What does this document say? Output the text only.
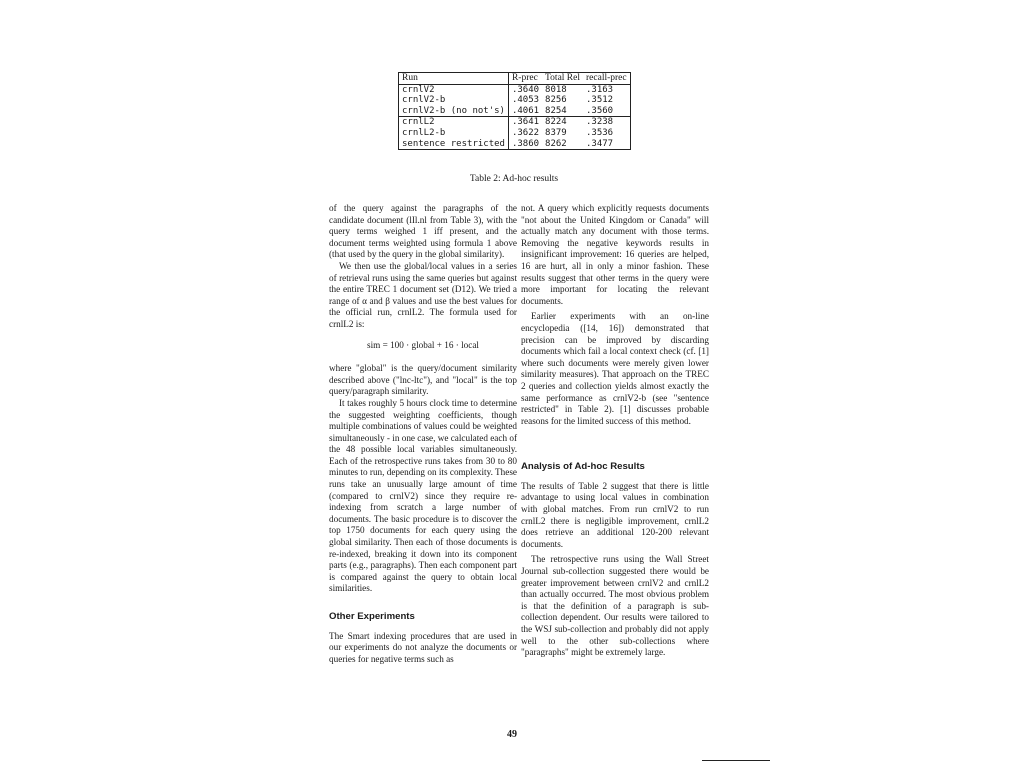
Run	R-prec	Total Rel	recall-prec
crnlV2	.3640	8018	.3163
crnlV2-b	.4053	8256	.3512
crnlV2-b (no not's)	.4061	8254	.3560
crnlL2	.3641	8224	.3238
crnlL2-b	.3622	8379	.3536
sentence restricted	.3860	8262	.3477
Table 2: Ad-hoc results

of the query against the paragraphs of the candidate document (lIl.nl from Table 3), with the query terms weighed 1 iff present, and the document terms weighted using formula 1 above (that used by the query in the global similarity).

We then use the global/local values in a series of retrieval runs using the same queries but against the entire TREC 1 document set (D12). We tried a range of α and β values and use the best values for the official run, crnlL2. The formula used for crnlL2 is:

sim = 100 · global + 16 · local

where "global" is the query/document similarity described above ("lnc-ltc"), and "local" is the top query/paragraph similarity.

It takes roughly 5 hours clock time to determine the suggested weighting coefficients, though multiple combinations of values could be weighted simultaneously - in one case, we calculated each of the 48 possible local variables simultaneously. Each of the retrospective runs takes from 30 to 80 minutes to run, depending on its complexity. These runs take an unusually large amount of time (compared to crnlV2) since they require re-indexing from scratch a large number of documents. The basic procedure is to discover the top 1750 documents for each query using the global similarity. Then each of those documents is re-indexed, breaking it down into its component parts (e.g., paragraphs). Then each component part is compared against the query to obtain local similarities.

Other Experiments

The Smart indexing procedures that are used in our experiments do not analyze the documents or queries for negative terms such as

not. A query which explicitly requests documents "not about the United Kingdom or Canada" will actually match any document with those terms. Removing the negative keywords results in insignificant improvement: 16 queries are helped, 16 are hurt, all in only a minor fashion. These results suggest that other terms in the query were more important for locating the relevant documents.

Earlier experiments with an on-line encyclopedia ([14, 16]) demonstrated that precision can be improved by discarding documents which fail a local context check (cf. [1] where such documents were merely given lower similarity measures). That approach on the TREC 2 queries and collection yields almost exactly the same performance as crnlV2-b (see "sentence restricted" in Table 2). [1] discusses probable reasons for the limited success of this method.

Analysis of Ad-hoc Results

The results of Table 2 suggest that there is little advantage to using local values in combination with global matches. From run crnlV2 to run crnlL2 there is negligible improvement, crnlL2 does retrieve an additional 120-200 relevant documents.

The retrospective runs using the Wall Street Journal sub-collection suggested there would be greater improvement between crnlV2 and crnlL2 than actually occurred. The most obvious problem is that the definition of a paragraph is sub-collection dependent. Our results were tailored to the WSJ sub-collection and probably did not apply well to the other sub-collections where "paragraphs" might be extremely large.

49
